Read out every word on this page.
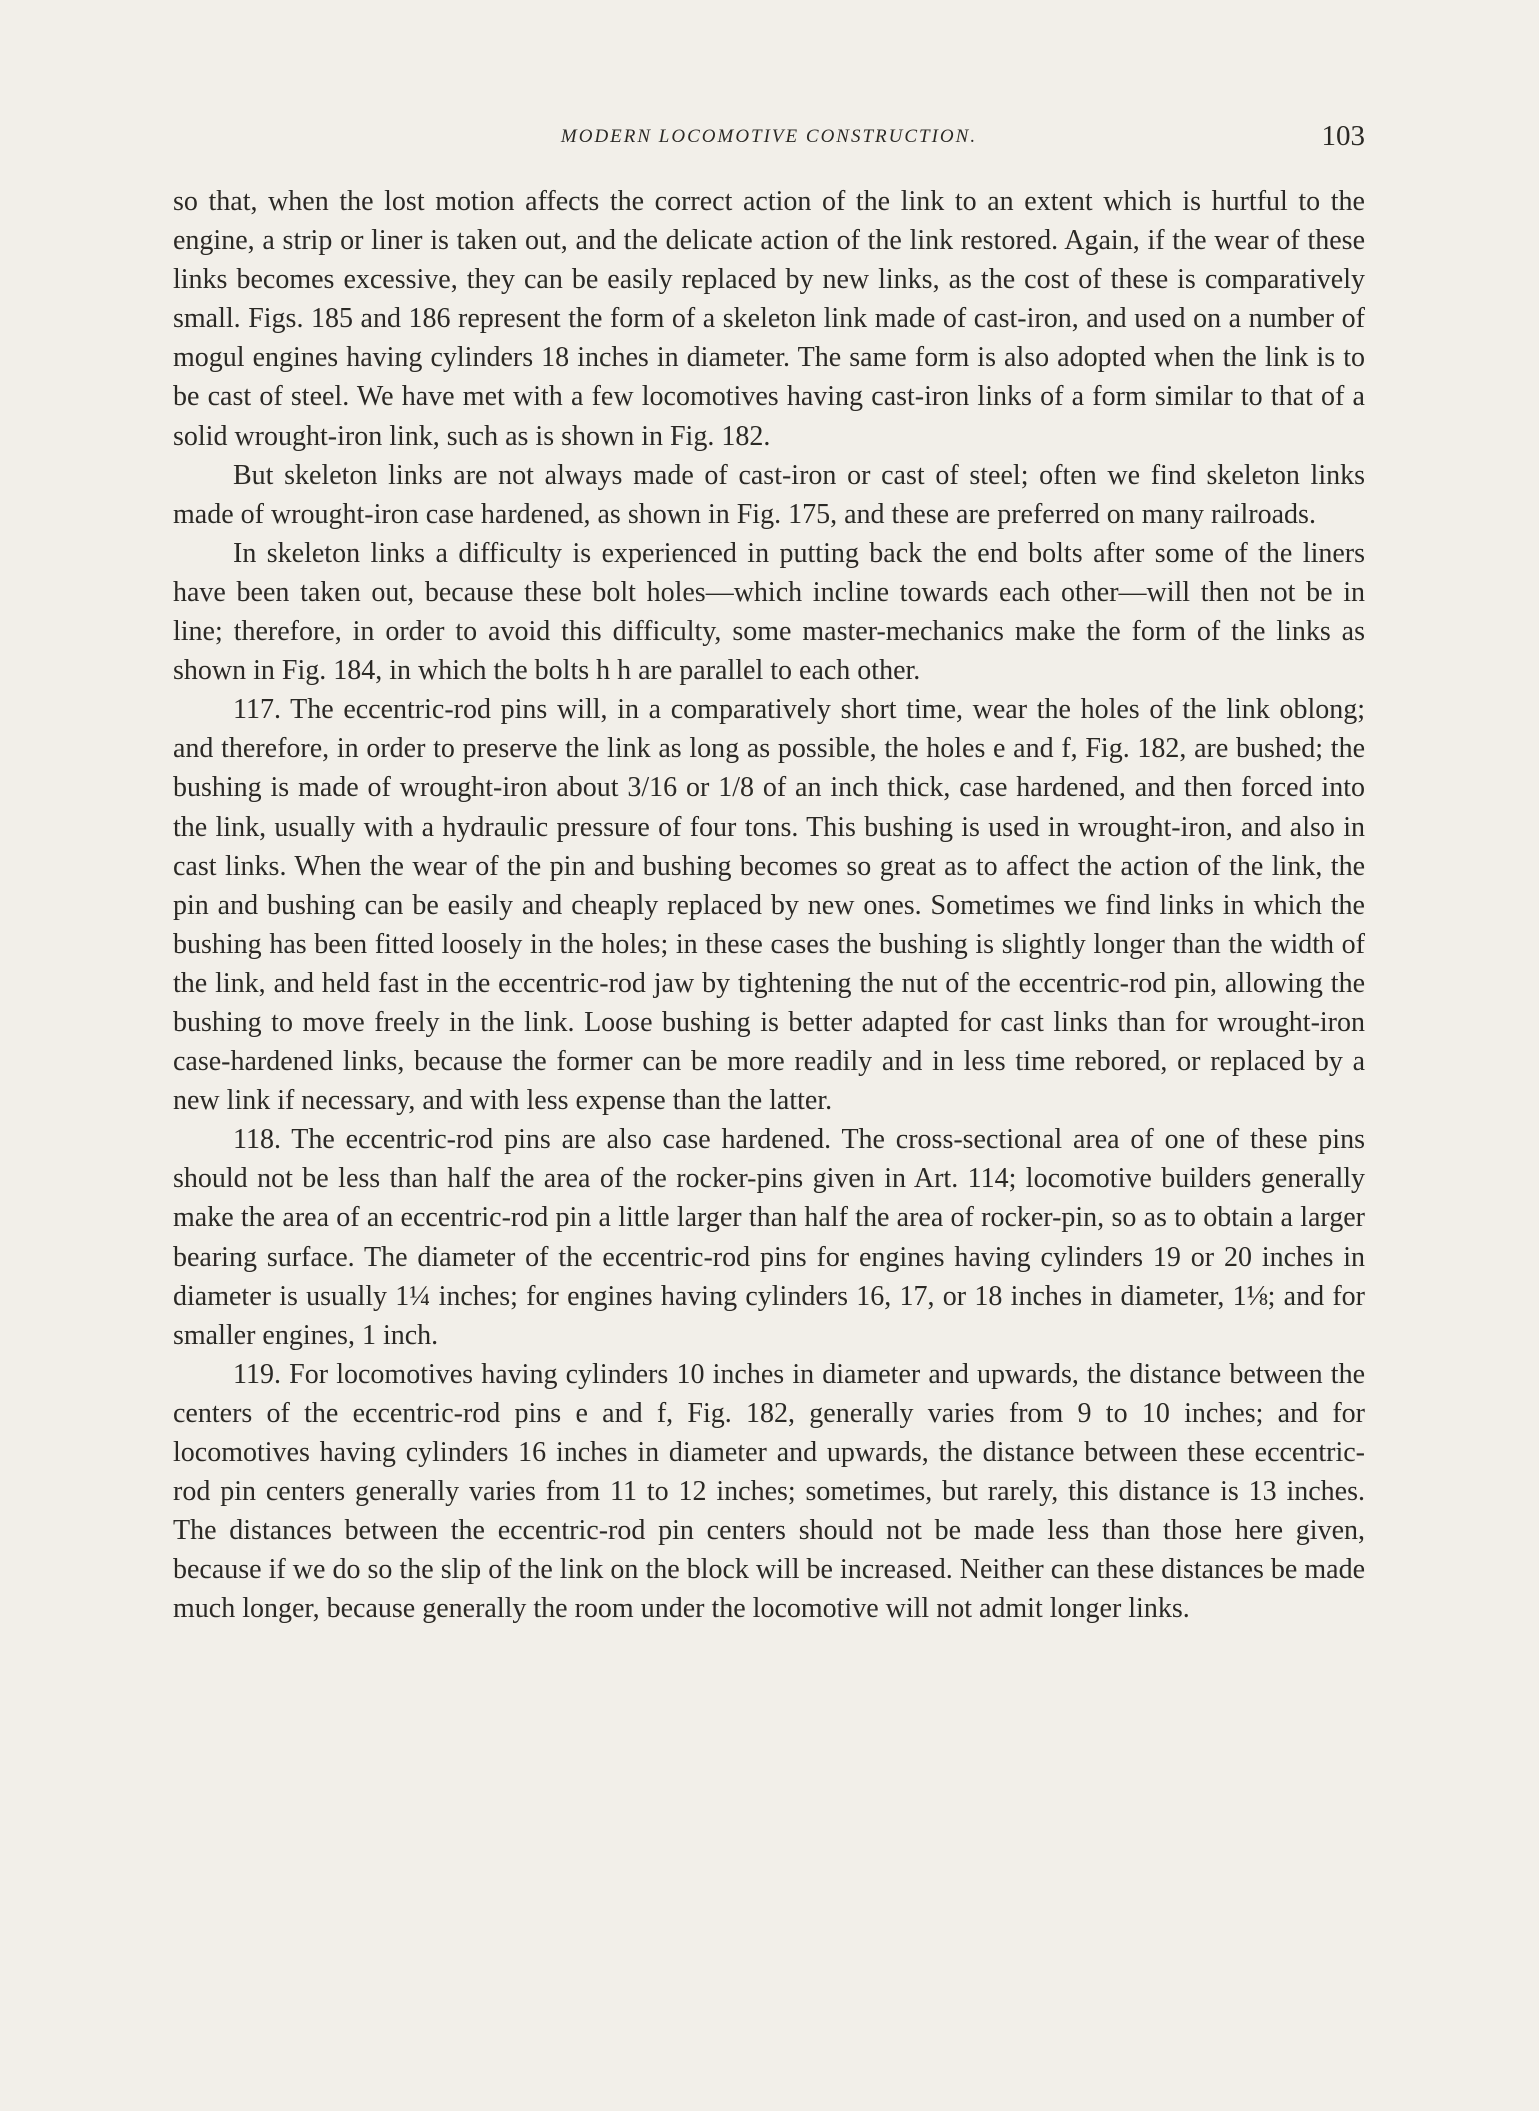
MODERN LOCOMOTIVE CONSTRUCTION.	103

so that, when the lost motion affects the correct action of the link to an extent which is hurtful to the engine, a strip or liner is taken out, and the delicate action of the link restored. Again, if the wear of these links becomes excessive, they can be easily replaced by new links, as the cost of these is comparatively small. Figs. 185 and 186 represent the form of a skeleton link made of cast-iron, and used on a number of mogul engines having cylinders 18 inches in diameter. The same form is also adopted when the link is to be cast of steel. We have met with a few locomotives having cast-iron links of a form similar to that of a solid wrought-iron link, such as is shown in Fig. 182.

But skeleton links are not always made of cast-iron or cast of steel; often we find skeleton links made of wrought-iron case hardened, as shown in Fig. 175, and these are preferred on many railroads.

In skeleton links a difficulty is experienced in putting back the end bolts after some of the liners have been taken out, because these bolt holes—which incline towards each other—will then not be in line; therefore, in order to avoid this difficulty, some master-mechanics make the form of the links as shown in Fig. 184, in which the bolts h h are parallel to each other.

117. The eccentric-rod pins will, in a comparatively short time, wear the holes of the link oblong; and therefore, in order to preserve the link as long as possible, the holes e and f, Fig. 182, are bushed; the bushing is made of wrought-iron about 3/16 or 1/8 of an inch thick, case hardened, and then forced into the link, usually with a hydraulic pressure of four tons. This bushing is used in wrought-iron, and also in cast links. When the wear of the pin and bushing becomes so great as to affect the action of the link, the pin and bushing can be easily and cheaply replaced by new ones. Sometimes we find links in which the bushing has been fitted loosely in the holes; in these cases the bushing is slightly longer than the width of the link, and held fast in the eccentric-rod jaw by tightening the nut of the eccentric-rod pin, allowing the bushing to move freely in the link. Loose bushing is better adapted for cast links than for wrought-iron case-hardened links, because the former can be more readily and in less time rebored, or replaced by a new link if necessary, and with less expense than the latter.

118. The eccentric-rod pins are also case hardened. The cross-sectional area of one of these pins should not be less than half the area of the rocker-pins given in Art. 114; locomotive builders generally make the area of an eccentric-rod pin a little larger than half the area of rocker-pin, so as to obtain a larger bearing surface. The diameter of the eccentric-rod pins for engines having cylinders 19 or 20 inches in diameter is usually 1¼ inches; for engines having cylinders 16, 17, or 18 inches in diameter, 1⅛; and for smaller engines, 1 inch.

119. For locomotives having cylinders 10 inches in diameter and upwards, the distance between the centers of the eccentric-rod pins e and f, Fig. 182, generally varies from 9 to 10 inches; and for locomotives having cylinders 16 inches in diameter and upwards, the distance between these eccentric-rod pin centers generally varies from 11 to 12 inches; sometimes, but rarely, this distance is 13 inches. The distances between the eccentric-rod pin centers should not be made less than those here given, because if we do so the slip of the link on the block will be increased. Neither can these distances be made much longer, because generally the room under the locomotive will not admit longer links.
